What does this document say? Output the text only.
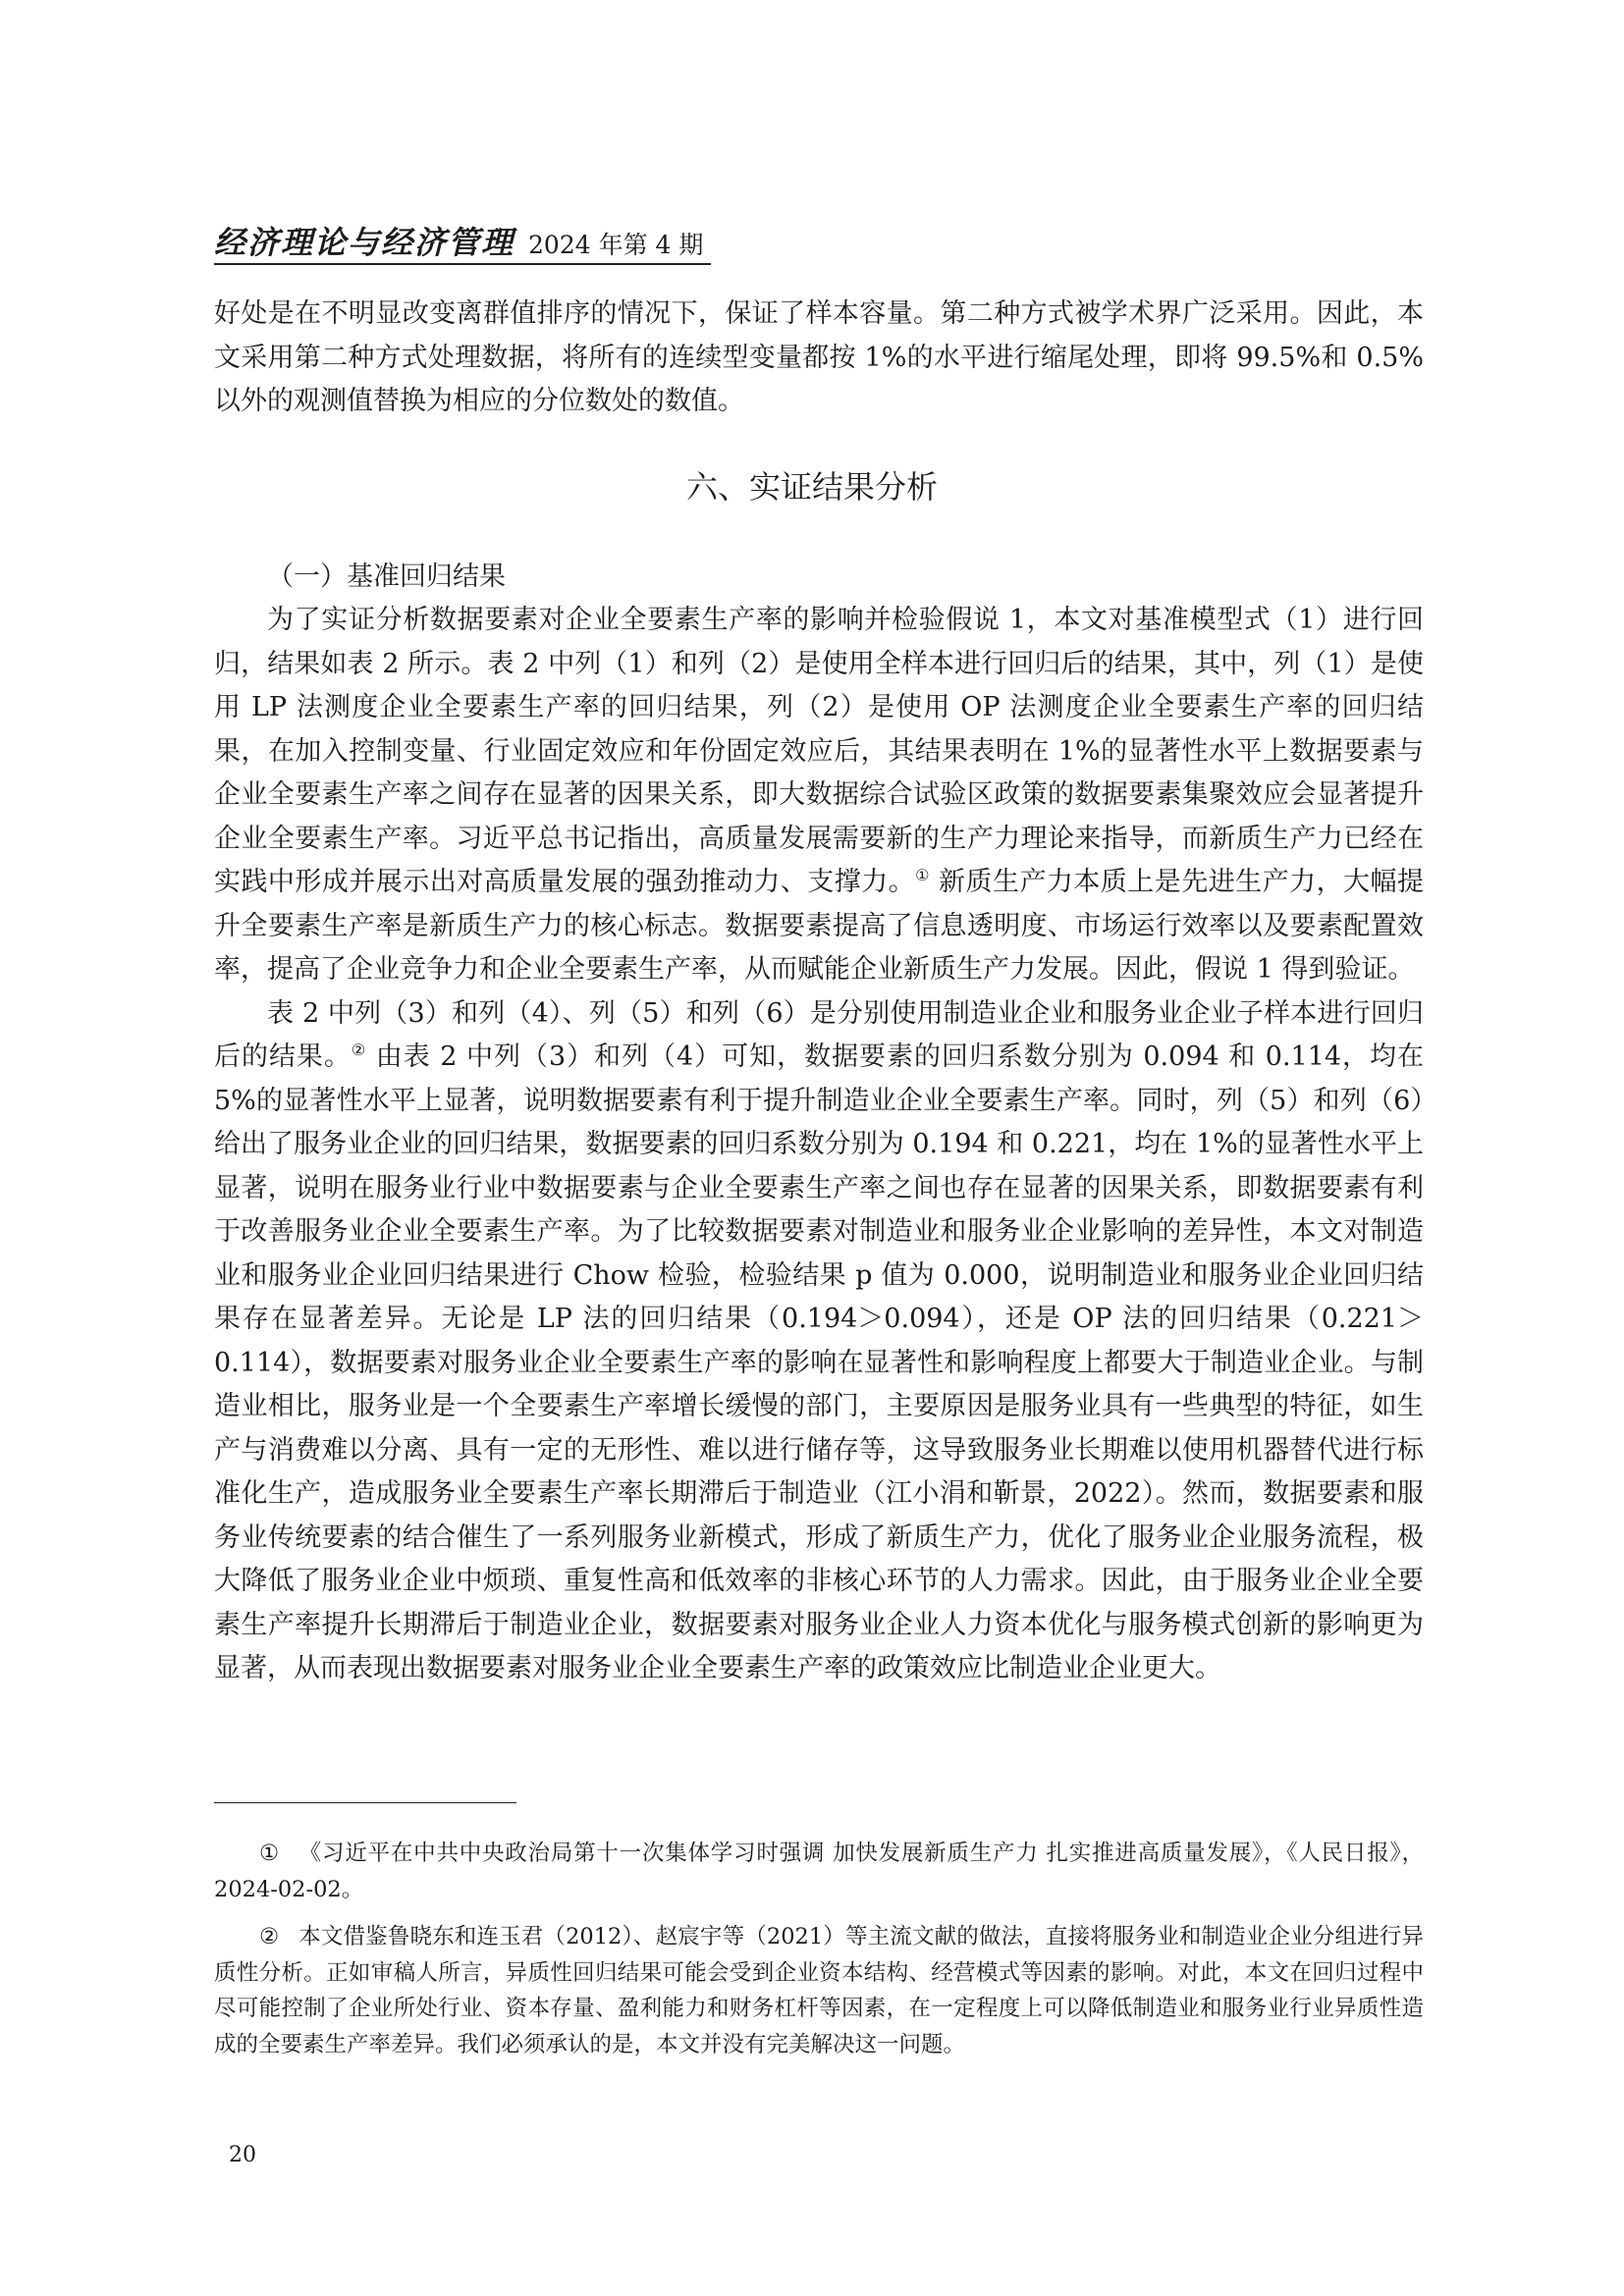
经济理论与经济管理 2024 年第 4 期

好处是在不明显改变离群值排序的情况下，保证了样本容量。第二种方式被学术界广泛采用。因此，本文采用第二种方式处理数据，将所有的连续型变量都按 1%的水平进行缩尾处理，即将 99.5%和 0.5%以外的观测值替换为相应的分位数处的数值。

六、实证结果分析
（一）基准回归结果

为了实证分析数据要素对企业全要素生产率的影响并检验假说 1，本文对基准模型式（1）进行回归，结果如表 2 所示。表 2 中列（1）和列（2）是使用全样本进行回归后的结果，其中，列（1）是使用 LP 法测度企业全要素生产率的回归结果，列（2）是使用 OP 法测度企业全要素生产率的回归结果，在加入控制变量、行业固定效应和年份固定效应后，其结果表明在 1%的显著性水平上数据要素与企业全要素生产率之间存在显著的因果关系，即大数据综合试验区政策的数据要素集聚效应会显著提升企业全要素生产率。习近平总书记指出，高质量发展需要新的生产力理论来指导，而新质生产力已经在实践中形成并展示出对高质量发展的强劲推动力、支撑力。① 新质生产力本质上是先进生产力，大幅提升全要素生产率是新质生产力的核心标志。数据要素提高了信息透明度、市场运行效率以及要素配置效率，提高了企业竞争力和企业全要素生产率，从而赋能企业新质生产力发展。因此，假说 1 得到验证。

表 2 中列（3）和列（4）、列（5）和列（6）是分别使用制造业企业和服务业企业子样本进行回归后的结果。② 由表 2 中列（3）和列（4）可知，数据要素的回归系数分别为 0.094 和 0.114，均在 5%的显著性水平上显著，说明数据要素有利于提升制造业企业全要素生产率。同时，列（5）和列（6）给出了服务业企业的回归结果，数据要素的回归系数分别为 0.194 和 0.221，均在 1%的显著性水平上显著，说明在服务业行业中数据要素与企业全要素生产率之间也存在显著的因果关系，即数据要素有利于改善服务业企业全要素生产率。为了比较数据要素对制造业和服务业企业影响的差异性，本文对制造业和服务业企业回归结果进行 Chow 检验，检验结果 p 值为 0.000，说明制造业和服务业企业回归结果存在显著差异。无论是 LP 法的回归结果（0.194＞0.094），还是 OP 法的回归结果（0.221＞0.114），数据要素对服务业企业全要素生产率的影响在显著性和影响程度上都要大于制造业企业。与制造业相比，服务业是一个全要素生产率增长缓慢的部门，主要原因是服务业具有一些典型的特征，如生产与消费难以分离、具有一定的无形性、难以进行储存等，这导致服务业长期难以使用机器替代进行标准化生产，造成服务业全要素生产率长期滞后于制造业（江小涓和靳景，2022）。然而，数据要素和服务业传统要素的结合催生了一系列服务业新模式，形成了新质生产力，优化了服务业企业服务流程，极大降低了服务业企业中烦琐、重复性高和低效率的非核心环节的人力需求。因此，由于服务业企业全要素生产率提升长期滞后于制造业企业，数据要素对服务业企业人力资本优化与服务模式创新的影响更为显著，从而表现出数据要素对服务业企业全要素生产率的政策效应比制造业企业更大。

① 《习近平在中共中央政治局第十一次集体学习时强调 加快发展新质生产力 扎实推进高质量发展》，《人民日报》，2024-02-02。

② 本文借鉴鲁晓东和连玉君（2012）、赵宸宇等（2021）等主流文献的做法，直接将服务业和制造业企业分组进行异质性分析。正如审稿人所言，异质性回归结果可能会受到企业资本结构、经营模式等因素的影响。对此，本文在回归过程中尽可能控制了企业所处行业、资本存量、盈利能力和财务杠杆等因素，在一定程度上可以降低制造业和服务业行业异质性造成的全要素生产率差异。我们必须承认的是，本文并没有完美解决这一问题。

20
